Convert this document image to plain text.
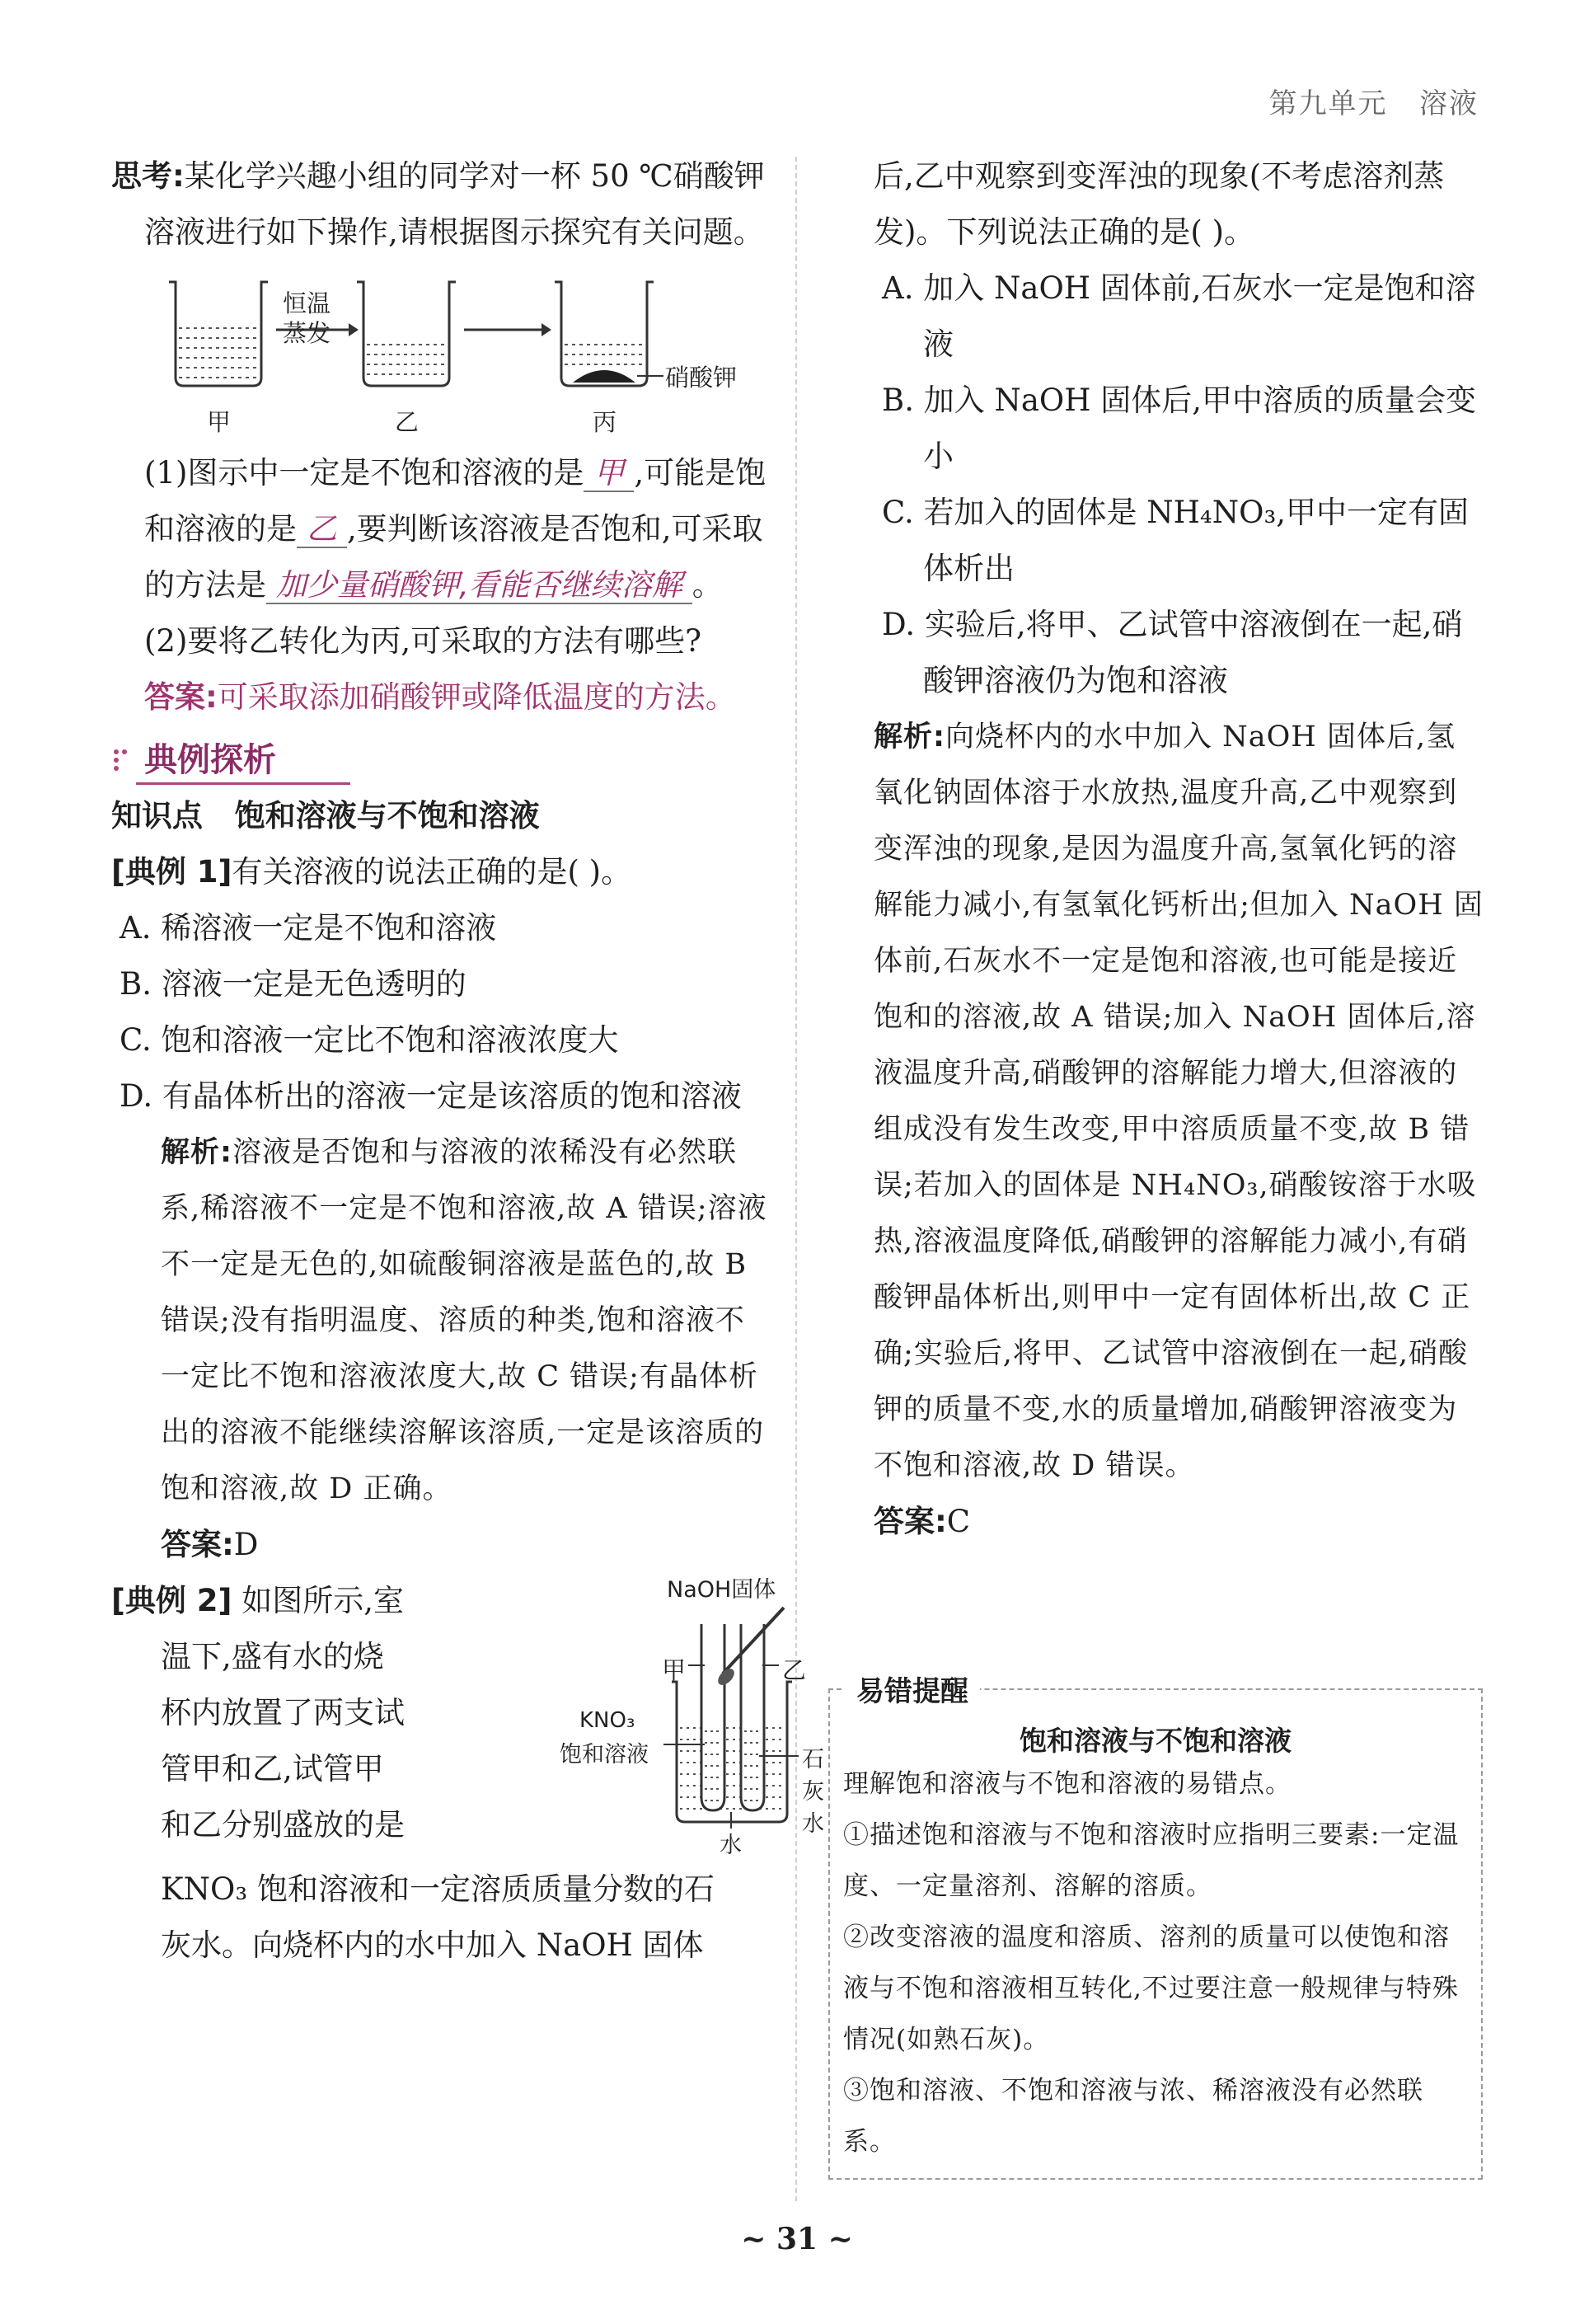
第九单元 溶液

思考:某化学兴趣小组的同学对一杯 50 ℃硝酸钾溶液进行如下操作,请根据图示探究有关问题。

恒温
蒸发
甲	乙	丙
硝酸钾

(1)图示中一定是不饱和溶液的是 甲 ,可能是饱和溶液的是 乙 ,要判断该溶液是否饱和,可采取的方法是 加少量硝酸钾,看能否继续溶解 。

(2)要将乙转化为丙,可采取的方法有哪些?

答案:可采取添加硝酸钾或降低温度的方法。

典例探析
知识点 饱和溶液与不饱和溶液

[典例 1]有关溶液的说法正确的是( )。

A. 稀溶液一定是不饱和溶液

B. 溶液一定是无色透明的

C. 饱和溶液一定比不饱和溶液浓度大

D. 有晶体析出的溶液一定是该溶质的饱和溶液

解析:溶液是否饱和与溶液的浓稀没有必然联系,稀溶液不一定是不饱和溶液,故 A 错误;溶液不一定是无色的,如硫酸铜溶液是蓝色的,故 B 错误;没有指明温度、溶质的种类,饱和溶液不一定比不饱和溶液浓度大,故 C 错误;有晶体析出的溶液不能继续溶解该溶质,一定是该溶质的饱和溶液,故 D 正确。

答案:D

[典例 2] 如图所示,室

温下,盛有水的烧

杯内放置了两支试

管甲和乙,试管甲

和乙分别盛放的是

NaOH固体
甲	乙
KNO₃
饱和溶液	石灰水
水

KNO₃ 饱和溶液和一定溶质质量分数的石

灰水。向烧杯内的水中加入 NaOH 固体

后,乙中观察到变浑浊的现象(不考虑溶剂蒸发)。下列说法正确的是( )。

A. 加入 NaOH 固体前,石灰水一定是饱和溶液

B. 加入 NaOH 固体后,甲中溶质的质量会变小

C. 若加入的固体是 NH₄NO₃,甲中一定有固体析出

D. 实验后,将甲、乙试管中溶液倒在一起,硝酸钾溶液仍为饱和溶液

解析:向烧杯内的水中加入 NaOH 固体后,氢氧化钠固体溶于水放热,温度升高,乙中观察到变浑浊的现象,是因为温度升高,氢氧化钙的溶解能力减小,有氢氧化钙析出;但加入 NaOH 固体前,石灰水不一定是饱和溶液,也可能是接近饱和的溶液,故 A 错误;加入 NaOH 固体后,溶液温度升高,硝酸钾的溶解能力增大,但溶液的组成没有发生改变,甲中溶质质量不变,故 B 错误;若加入的固体是 NH₄NO₃,硝酸铵溶于水吸热,溶液温度降低,硝酸钾的溶解能力减小,有硝酸钾晶体析出,则甲中一定有固体析出,故 C 正确;实验后,将甲、乙试管中溶液倒在一起,硝酸钾的质量不变,水的质量增加,硝酸钾溶液变为不饱和溶液,故 D 错误。

答案:C

易错提醒
饱和溶液与不饱和溶液

理解饱和溶液与不饱和溶液的易错点。

①描述饱和溶液与不饱和溶液时应指明三要素:一定温度、一定量溶剂、溶解的溶质。

②改变溶液的温度和溶质、溶剂的质量可以使饱和溶液与不饱和溶液相互转化,不过要注意一般规律与特殊情况(如熟石灰)。

③饱和溶液、不饱和溶液与浓、稀溶液没有必然联系。

~ 31 ~
